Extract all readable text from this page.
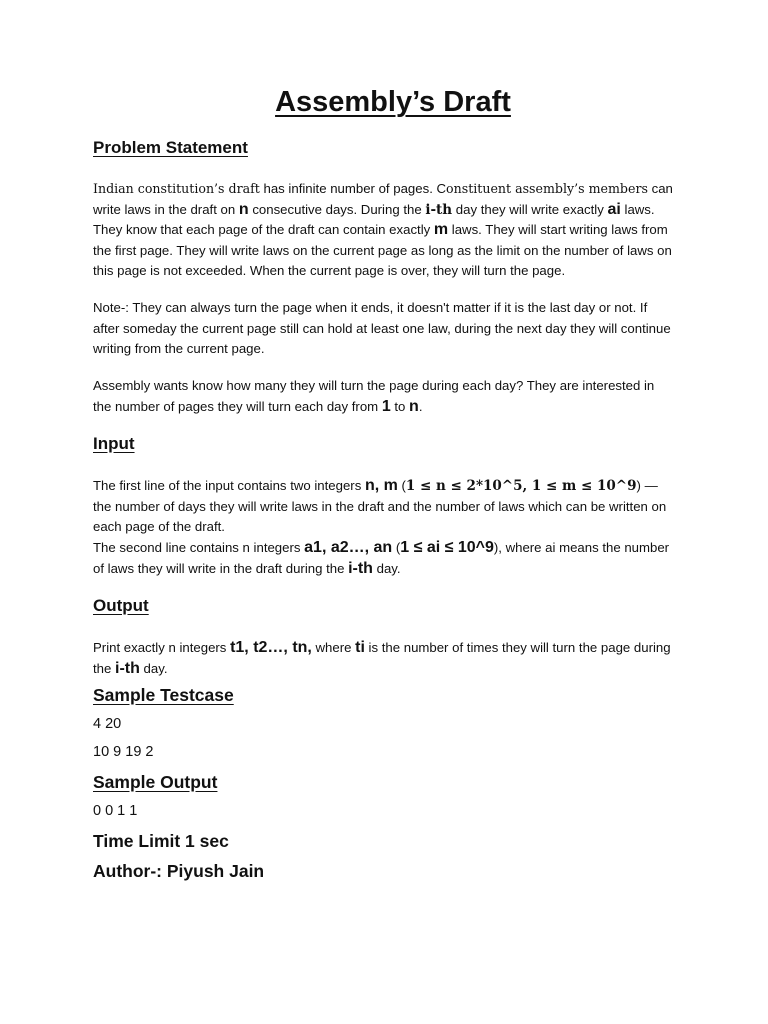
Assembly’s Draft
Problem Statement
Indian constitution’s draft has infinite number of pages. Constituent assembly’s members can write laws in the draft on n consecutive days. During the i-th day they will write exactly ai laws. They know that each page of the draft can contain exactly m laws. They will start writing laws from the first page. They will write laws on the current page as long as the limit on the number of laws on this page is not exceeded. When the current page is over, they will turn the page.
Note-: They can always turn the page when it ends, it doesn't matter if it is the last day or not. If after someday the current page still can hold at least one law, during the next day they will continue writing from the current page.
Assembly wants know how many they will turn the page during each day? They are interested in the number of pages they will turn each day from 1 to n.
Input
The first line of the input contains two integers n, m (1 ≤ n ≤ 2*10^5, 1 ≤ m ≤ 10^9) — the number of days they will write laws in the draft and the number of laws which can be written on each page of the draft.
The second line contains n integers a1, a2…, an (1 ≤ ai ≤ 10^9), where ai means the number of laws they will write in the draft during the i-th day.
Output
Print exactly n integers t1, t2…, tn, where ti is the number of times they will turn the page during the i-th day.
Sample Testcase
4 20
10 9 19 2
Sample Output
0 0 1 1
Time Limit 1 sec
Author-: Piyush Jain
